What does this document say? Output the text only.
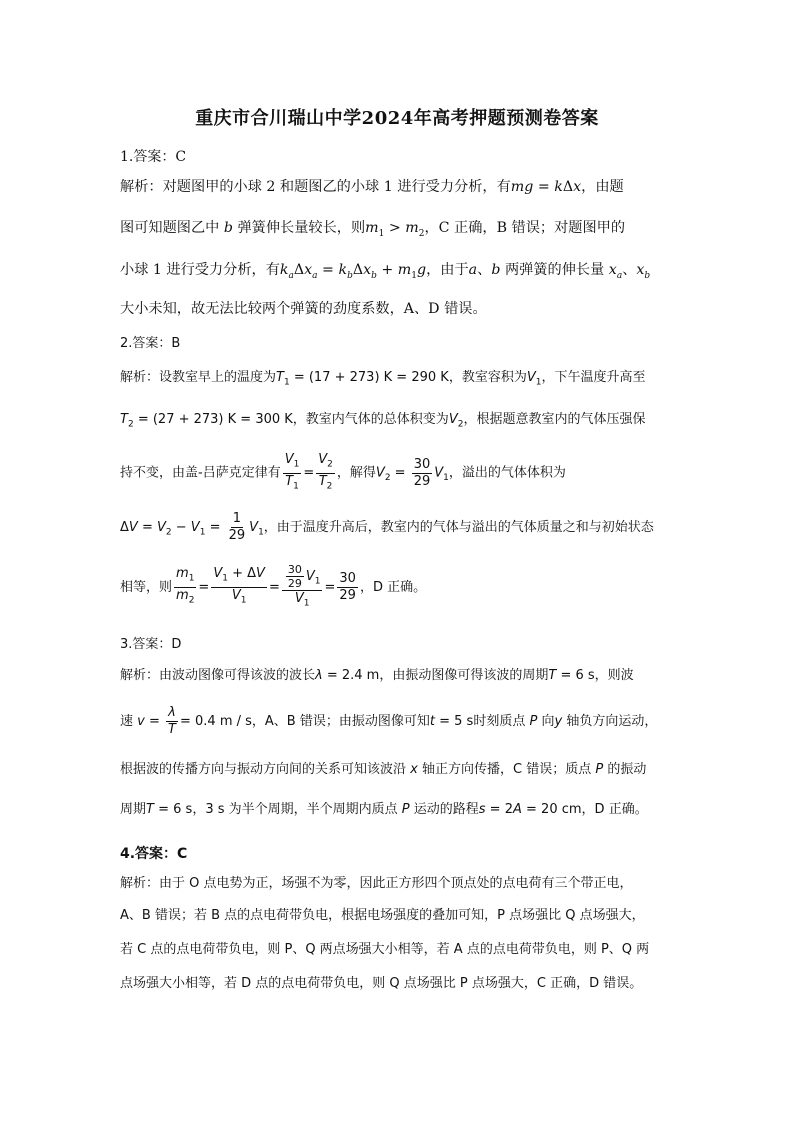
重庆市合川瑞山中学2024年高考押题预测卷答案
1.答案：C
解析：对题图甲的小球 2 和题图乙的小球 1 进行受力分析，有mg = kΔx，由题
图可知题图乙中 b 弹簧伸长量较长，则$m_1 > m_2$，C 正确，B 错误；对题图甲的
小球 1 进行受力分析，有$k_a\Delta x_a = k_b\Delta x_b + m_1g$，由于a、b 两弹簧的伸长量 $x_a$、$x_b$
大小未知，故无法比较两个弹簧的劲度系数，A、D 错误。
2.答案：B
解析：设教室早上的温度为$T_1 = (17 + 273) K = 290$ K，教室容积为$V_1$，下午温度升高至
$T_2 = (27 + 273) K = 300$ K，教室内气体的总体积变为$V_2$，根据题意教室内的气体压强保
持不变，由盖-吕萨克定律有 $\frac{V_1}{T_1} = \frac{V_2}{T_2}$ ，解得$V_2 = \frac{30}{29} V_1$，溢出的气体体积为
$\Delta V = V_2 - V_1 = \frac{1}{29} V_1$，由于温度升高后，教室内的气体与溢出的气体质量之和与初始状态
相等，则 $\frac{m_1}{m_2} = \frac{V_1 + \Delta V}{V_1} = \frac{\frac{30}{29} V_1}{V_1} = \frac{30}{29}$ ，D 正确。
3.答案：D
解析：由波动图像可得该波的波长λ = 2.4 m，由振动图像可得该波的周期T = 6 s，则波
速 $v = \frac{\lambda}{T} = 0.4$ m / s，A、B 错误；由振动图像可知t = 5 s时刻质点 P 向y 轴负方向运动，
根据波的传播方向与振动方向间的关系可知该波沿 x 轴正方向传播，C 错误；质点 P 的振动
周期T = 6 s，3 s 为半个周期，半个周期内质点 P 运动的路程s = 2A = 20 cm，D 正确。
4.答案：C
解析：由于 O 点电势为正，场强不为零，因此正方形四个顶点处的点电荷有三个带正电，
A、B 错误；若 B 点的点电荷带负电，根据电场强度的叠加可知，P 点场强比 Q 点场强大，
若 C 点的点电荷带负电，则 P、Q 两点场强大小相等，若 A 点的点电荷带负电，则 P、Q 两
点场强大小相等，若 D 点的点电荷带负电，则 Q 点场强比 P 点场强大，C 正确，D 错误。
